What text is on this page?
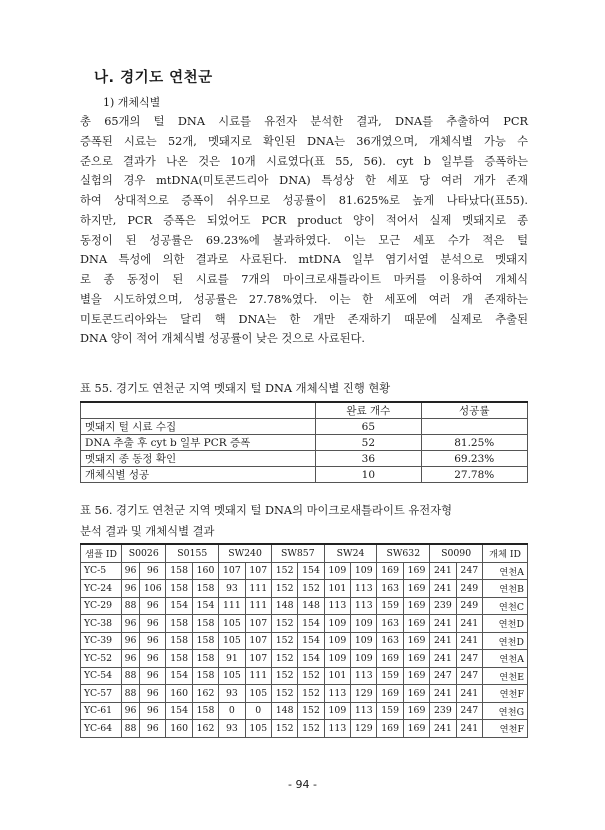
나. 경기도 연천군
1) 개체식별

총 65개의 털 DNA 시료를 유전자 분석한 결과, DNA를 추출하여 PCR
증폭된 시료는 52개, 멧돼지로 확인된 DNA는 36개였으며, 개체식별 가능 수
준으로 결과가 나온 것은 10개 시료였다(표 55, 56). cyt b 일부를 증폭하는
실험의 경우 mtDNA(미토콘드리아 DNA) 특성상 한 세포 당 여러 개가 존재
하여 상대적으로 증폭이 쉬우므로 성공률이 81.625%로 높게 나타났다(표55).
하지만, PCR 증폭은 되었어도 PCR product 양이 적어서 실제 멧돼지로 종
동정이 된 성공률은 69.23%에 불과하였다. 이는 모근 세포 수가 적은 털
DNA 특성에 의한 결과로 사료된다. mtDNA 일부 염기서열 분석으로 멧돼지
로 종 동정이 된 시료를 7개의 마이크로새틀라이트 마커를 이용하여 개체식
별을 시도하였으며, 성공률은 27.78%였다. 이는 한 세포에 여러 개 존재하는
미토콘드리아와는 달리 핵 DNA는 한 개만 존재하기 때문에 실제로 추출된
DNA 양이 적어 개체식별 성공률이 낮은 것으로 사료된다.

표 55. 경기도 연천군 지역 멧돼지 털 DNA 개체식별 진행 현황
	완료 개수	성공률
멧돼지 털 시료 수집	65	
DNA 추출 후 cyt b 일부 PCR 증폭	52	81.25%
멧돼지 종 동정 확인	36	69.23%
개체식별 성공	10	27.78%
표 56. 경기도 연천군 지역 멧돼지 털 DNA의 마이크로새틀라이트 유전자형
분석 결과 및 개체식별 결과
샘플 ID	S0026		S0155		SW240		SW857		SW24		SW632		S0090		개체 ID
YC-5	96	96	158	160	107	107	152	154	109	109	169	169	241	247	연천A
YC-24	96	106	158	158	93	111	152	152	101	113	163	169	241	249	연천B
YC-29	88	96	154	154	111	111	148	148	113	113	159	169	239	249	연천C
YC-38	96	96	158	158	105	107	152	154	109	109	163	169	241	241	연천D
YC-39	96	96	158	158	105	107	152	154	109	109	163	169	241	241	연천D
YC-52	96	96	158	158	91	107	152	154	109	109	169	169	241	247	연천A
YC-54	88	96	154	158	105	111	152	152	101	113	159	169	247	247	연천E
YC-57	88	96	160	162	93	105	152	152	113	129	169	169	241	241	연천F
YC-61	96	96	154	158	0	0	148	152	109	113	159	169	239	247	연천G
YC-64	88	96	160	162	93	105	152	152	113	129	169	169	241	241	연천F
- 94 -
